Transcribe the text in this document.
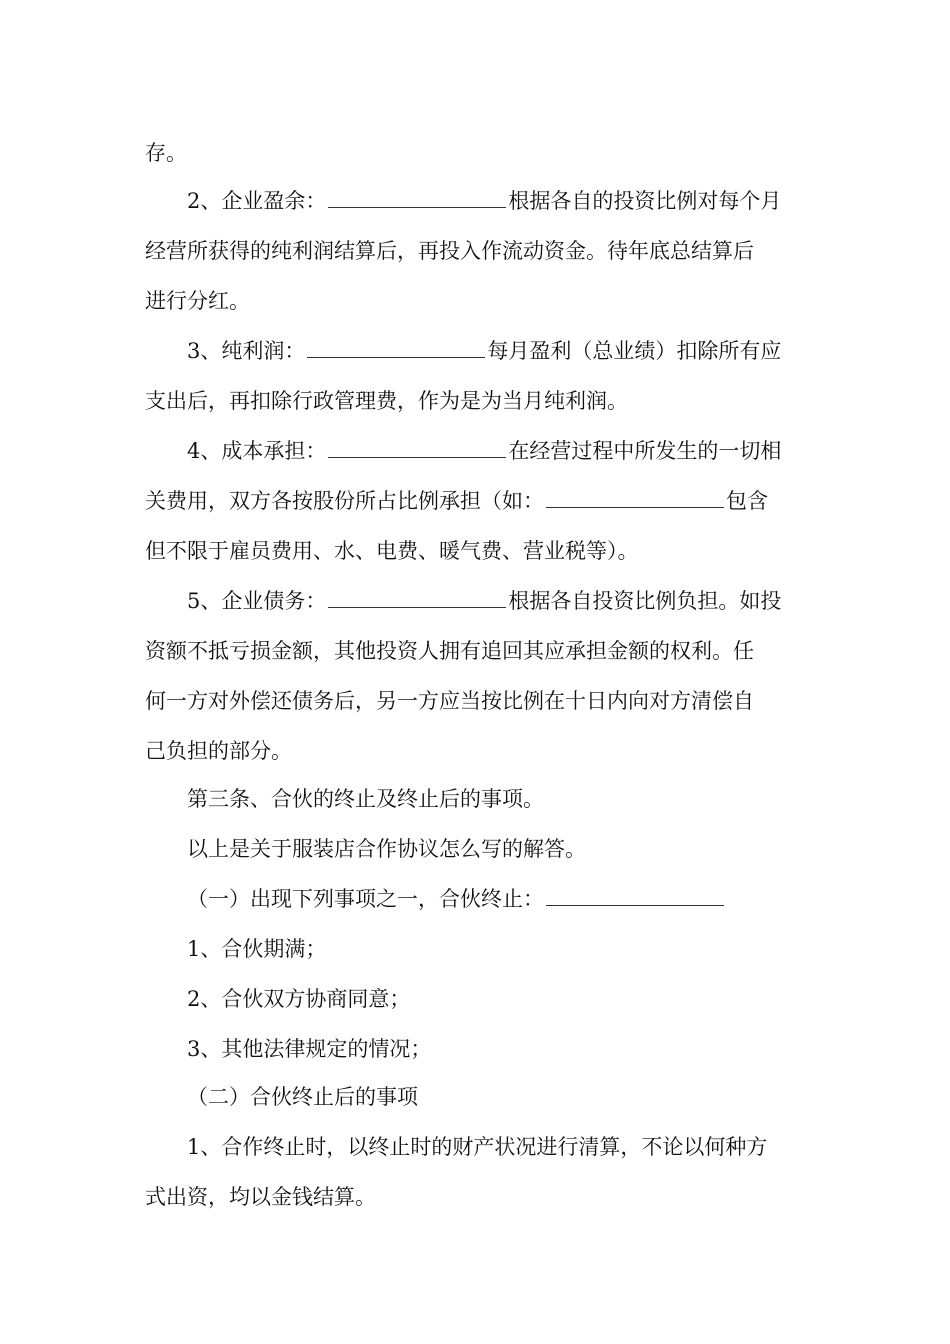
存。
2、企业盈余：	根据各自的投资比例对每个月
经营所获得的纯利润结算后，再投入作流动资金。待年底总结算后
进行分红。
3、纯利润：	每月盈利（总业绩）扣除所有应
支出后，再扣除行政管理费，作为是为当月纯利润。
4、成本承担：	在经营过程中所发生的一切相
关费用，双方各按股份所占比例承担（如：	包含
但不限于雇员费用、水、电费、暖气费、营业税等）。
5、企业债务：	根据各自投资比例负担。如投
资额不抵亏损金额，其他投资人拥有追回其应承担金额的权利。任
何一方对外偿还债务后，另一方应当按比例在十日内向对方清偿自
己负担的部分。
第三条、合伙的终止及终止后的事项。
以上是关于服装店合作协议怎么写的解答。
（一）出现下列事项之一，合伙终止：
1、合伙期满；
2、合伙双方协商同意；
3、其他法律规定的情况；
（二）合伙终止后的事项
1、合作终止时，以终止时的财产状况进行清算，不论以何种方
式出资，均以金钱结算。
